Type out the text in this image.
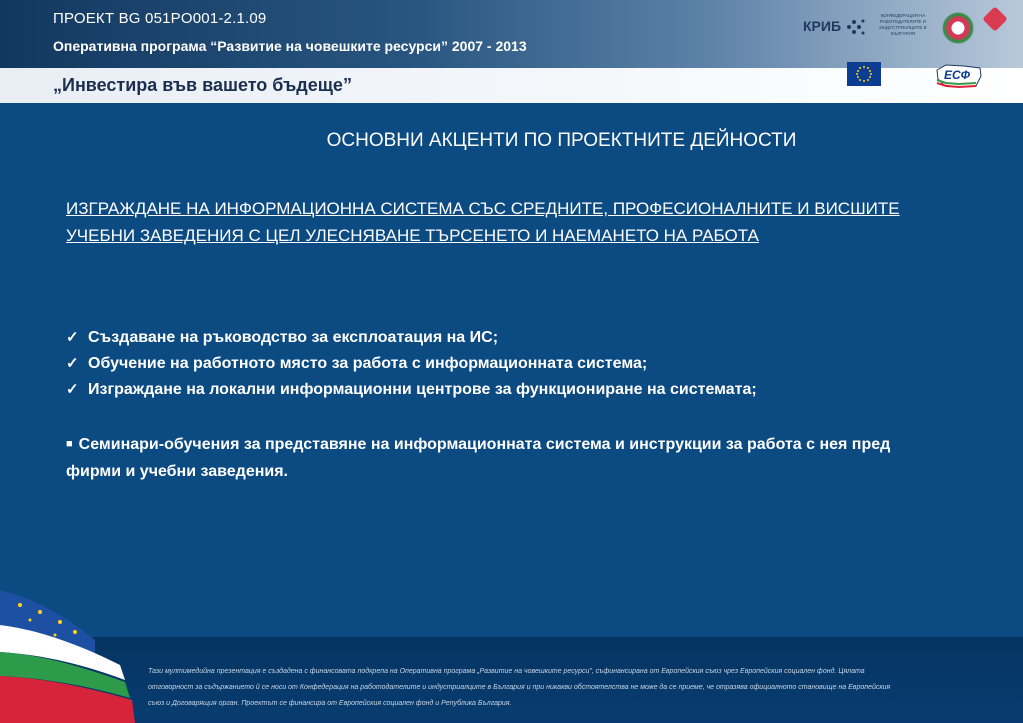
ПРОЕКТ BG 051PO001-2.1.09
Оперативна програма “Развитие на човешките ресурси” 2007 - 2013
„Инвестира във вашето бъдеще”
КРИБ
КОНФЕДЕРАЦИЯ НА РАБОТОДАТЕЛИТЕ И ИНДУСТРИАЛЦИТЕ В БЪЛГАРИЯ
ЕСФ
ОСНОВНИ АКЦЕНТИ ПО ПРОЕКТНИТЕ ДЕЙНОСТИ
ИЗГРАЖДАНЕ НА ИНФОРМАЦИОННА СИСТЕМА СЪС СРЕДНИТЕ, ПРОФЕСИОНАЛНИТЕ И ВИСШИТЕ УЧЕБНИ ЗАВЕДЕНИЯ С ЦЕЛ УЛЕСНЯВАНЕ ТЪРСЕНЕТО И НАЕМАНЕТО НА РАБОТА
✓ Създаване на ръководство за експлоатация на ИС;
✓ Обучение на работното място за работа с информационната система;
✓ Изграждане на локални информационни центрове за функциониране на системата;
■ Семинари-обучения за представяне на информационната система и инструкции за работа с нея пред фирми и учебни заведения.
Тази мултимедийна презентация е създадена с финансовата подкрепа на Оперативна програма „Развитие на човешките ресурси”, съфинансирана от Европейския съюз чрез Европейския социален фонд. Цялата отговорност за съдържанието й се носи от Конфедерация на работодателите и индустриалците в България и при никакви обстоятелства не може да се приеме, че отразява официалното становище на Европейския съюз и Договарящия орган. Проектът се финансира от Европейския социален фонд и Република България.
